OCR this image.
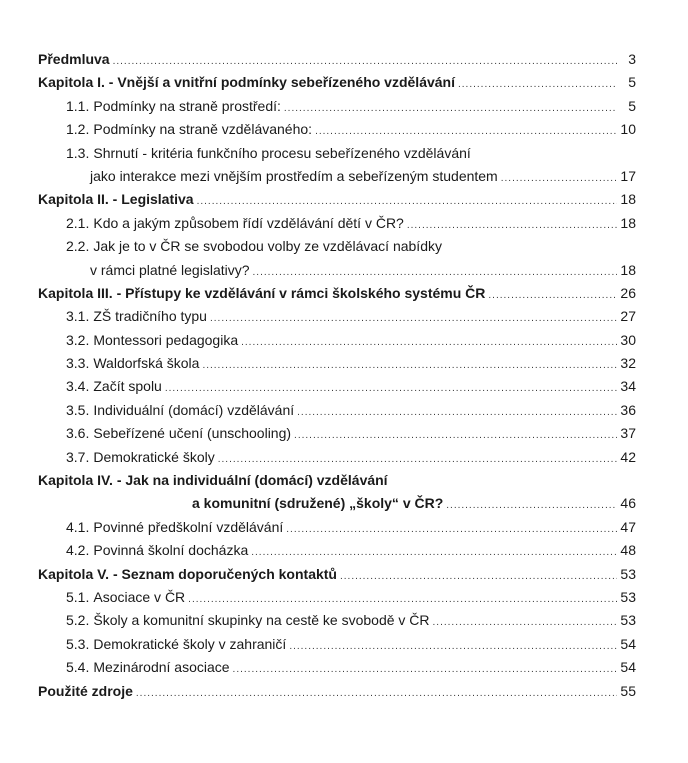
Předmluva .....	3
Kapitola I. - Vnější a vnitřní podmínky sebeřízeného vzdělávání .....	5
1.1. Podmínky na straně prostředí: .....	5
1.2. Podmínky na straně vzdělávaného: .....	10
1.3. Shrnutí - kritéria funkčního procesu sebeřízeného vzdělávání
jako interakce mezi vnějším prostředím a sebeřízeným studentem .....	17
Kapitola II. - Legislativa .....	18
2.1. Kdo a jakým způsobem řídí vzdělávání dětí v ČR? .....	18
2.2. Jak je to v ČR se svobodou volby ze vzdělávací nabídky
v rámci platné legislativy? .....	18
Kapitola III. - Přístupy ke vzdělávání v rámci školského systému ČR .....	26
3.1. ZŠ tradičního typu .....	27
3.2. Montessori pedagogika .....	30
3.3. Waldorfská škola .....	32
3.4. Začít spolu .....	34
3.5. Individuální (domácí) vzdělávání .....	36
3.6. Sebeřízené učení (unschooling) .....	37
3.7. Demokratické školy .....	42
Kapitola IV. - Jak na individuální (domácí) vzdělávání
a komunitní (sdružené) „školy“ v ČR? .....	46
4.1. Povinné předškolní vzdělávání .....	47
4.2. Povinná školní docházka .....	48
Kapitola V. - Seznam doporučených kontaktů .....	53
5.1. Asociace v ČR .....	53
5.2. Školy a komunitní skupinky na cestě ke svobodě v ČR .....	53
5.3. Demokratické školy v zahraničí .....	54
5.4. Mezinárodní asociace .....	54
Použité zdroje .....	55
